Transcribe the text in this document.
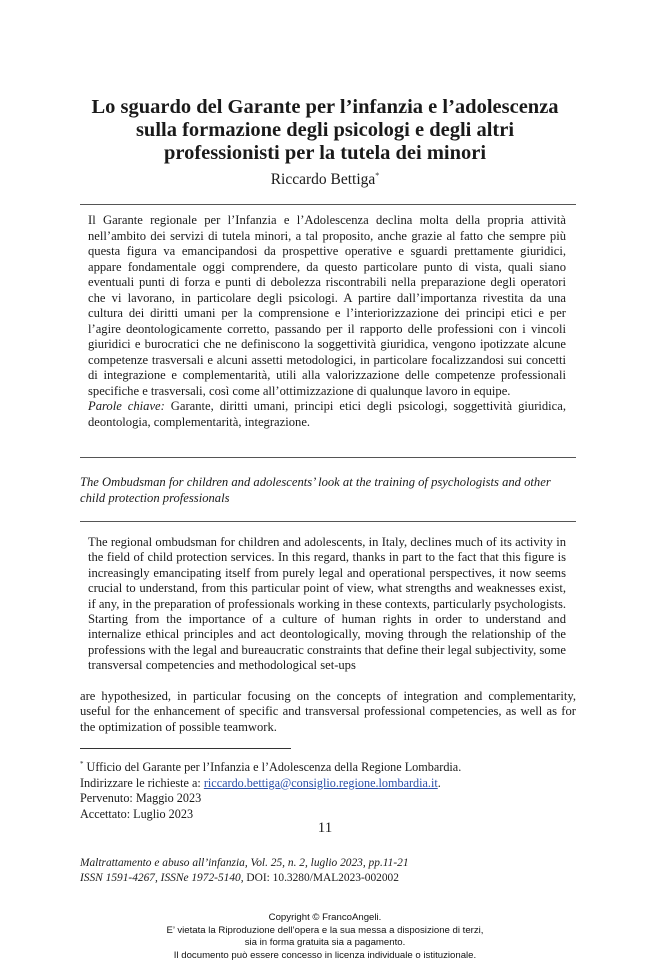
Lo sguardo del Garante per l’infanzia e l’adolescenza
sulla formazione degli psicologi e degli altri
professionisti per la tutela dei minori
Riccardo Bettiga*
Il Garante regionale per l’Infanzia e l’Adolescenza declina molta della propria attività nell’ambito dei servizi di tutela minori, a tal proposito, anche grazie al fatto che sempre più questa figura va emancipandosi da prospettive operative e sguardi prettamente giuridici, appare fondamentale oggi comprendere, da questo particolare punto di vista, quali siano eventuali punti di forza e punti di debolezza riscontrabili nella preparazione degli operatori che vi lavorano, in particolare degli psicologi. A partire dall’importanza rivestita da una cultura dei diritti umani per la comprensione e l’interiorizzazione dei principi etici e per l’agire deontologicamente corretto, passando per il rapporto delle professioni con i vincoli giuridici e burocratici che ne definiscono la soggettività giuridica, vengono ipotizzate alcune competenze trasversali e alcuni assetti metodologici, in particolare focalizzandosi sui concetti di integrazione e complementarità, utili alla valorizzazione delle competenze professionali specifiche e trasversali, così come all’ottimizzazione di qualunque lavoro in equipe.
Parole chiave: Garante, diritti umani, principi etici degli psicologi, soggettività giuridica, deontologia, complementarità, integrazione.
The Ombudsman for children and adolescents’ look at the training of psychologists and other child protection professionals
The regional ombudsman for children and adolescents, in Italy, declines much of its activity in the field of child protection services. In this regard, thanks in part to the fact that this figure is increasingly emancipating itself from purely legal and operational perspectives, it now seems crucial to understand, from this particular point of view, what strengths and weaknesses exist, if any, in the preparation of professionals working in these contexts, particularly psychologists. Starting from the importance of a culture of human rights in order to understand and internalize ethical principles and act deontologically, moving through the relationship of the professions with the legal and bureaucratic constraints that define their legal subjectivity, some transversal competencies and methodological set-ups
are hypothesized, in particular focusing on the concepts of integration and complementarity, useful for the enhancement of specific and transversal professional competencies, as well as for the optimization of possible teamwork.
* Ufficio del Garante per l’Infanzia e l’Adolescenza della Regione Lombardia.
Indirizzare le richieste a: riccardo.bettiga@consiglio.regione.lombardia.it.
Pervenuto: Maggio 2023
Accettato: Luglio 2023
11
Maltrattamento e abuso all’infanzia, Vol. 25, n. 2, luglio 2023, pp.11-21
ISSN 1591-4267, ISSNe 1972-5140, DOI: 10.3280/MAL2023-002002
Copyright © FrancoAngeli.
E’ vietata la Riproduzione dell’opera e la sua messa a disposizione di terzi,
sia in forma gratuita sia a pagamento.
Il documento può essere concesso in licenza individuale o istituzionale.
